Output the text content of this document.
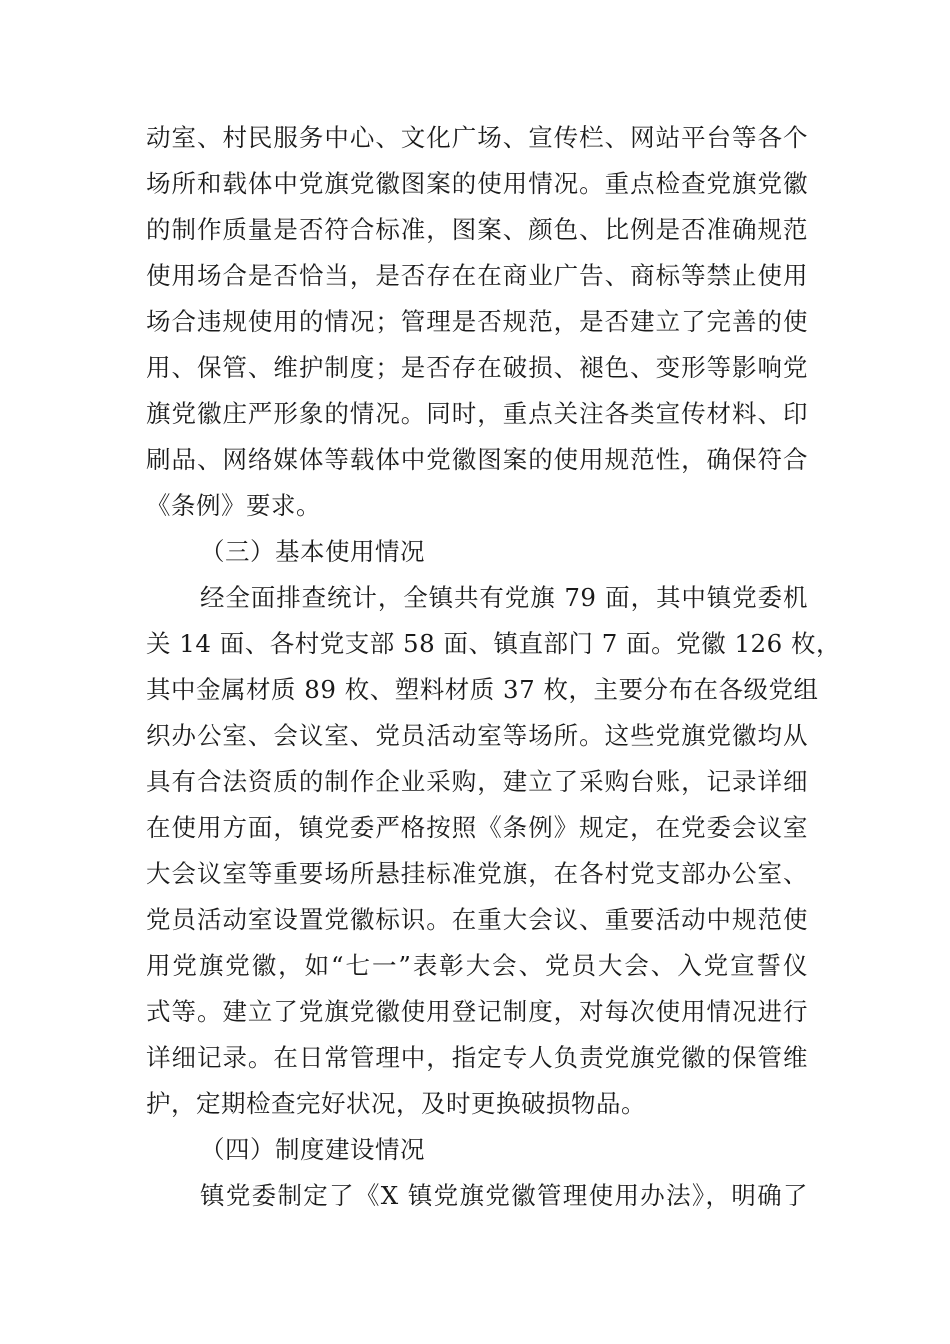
动室、村民服务中心、文化广场、宣传栏、网站平台等各个
场所和载体中党旗党徽图案的使用情况。重点检查党旗党徽
的制作质量是否符合标准，图案、颜色、比例是否准确规范
使用场合是否恰当，是否存在在商业广告、商标等禁止使用
场合违规使用的情况；管理是否规范，是否建立了完善的使
用、保管、维护制度；是否存在破损、褪色、变形等影响党
旗党徽庄严形象的情况。同时，重点关注各类宣传材料、印
刷品、网络媒体等载体中党徽图案的使用规范性，确保符合
《条例》要求。
（三）基本使用情况
经全面排查统计，全镇共有党旗 79 面，其中镇党委机
关 14 面、各村党支部 58 面、镇直部门 7 面。党徽 126 枚，
其中金属材质 89 枚、塑料材质 37 枚，主要分布在各级党组
织办公室、会议室、党员活动室等场所。这些党旗党徽均从
具有合法资质的制作企业采购，建立了采购台账，记录详细
在使用方面，镇党委严格按照《条例》规定，在党委会议室
大会议室等重要场所悬挂标准党旗，在各村党支部办公室、
党员活动室设置党徽标识。在重大会议、重要活动中规范使
用党旗党徽，如“七一”表彰大会、党员大会、入党宣誓仪
式等。建立了党旗党徽使用登记制度，对每次使用情况进行
详细记录。在日常管理中，指定专人负责党旗党徽的保管维
护，定期检查完好状况，及时更换破损物品。
（四）制度建设情况
镇党委制定了《X 镇党旗党徽管理使用办法》，明确了
